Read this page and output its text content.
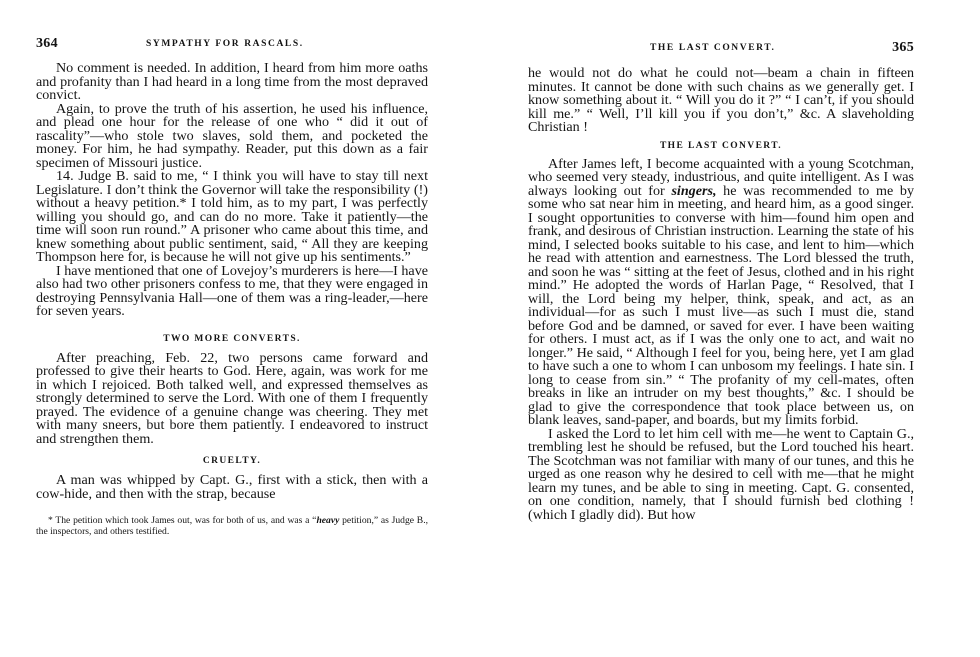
364	SYMPATHY FOR RASCALS.

No comment is needed. In addition, I heard from him more oaths and profanity than I had heard in a long time from the most depraved convict.

Again, to prove the truth of his assertion, he used his influence, and plead one hour for the release of one who “ did it out of rascality”—who stole two slaves, sold them, and pocketed the money. For him, he had sympathy. Reader, put this down as a fair specimen of Missouri justice.

14. Judge B. said to me, “ I think you will have to stay till next Legislature. I don’t think the Governor will take the responsibility (!) without a heavy petition.* I told him, as to my part, I was perfectly willing you should go, and can do no more. Take it patiently—the time will soon run round.” A prisoner who came about this time, and knew something about public sentiment, said, “ All they are keeping Thompson here for, is because he will not give up his sentiments.”

I have mentioned that one of Lovejoy’s murderers is here—I have also had two other prisoners confess to me, that they were engaged in destroying Pennsylvania Hall—one of them was a ring-leader,—here for seven years.

TWO MORE CONVERTS.

After preaching, Feb. 22, two persons came forward and professed to give their hearts to God. Here, again, was work for me in which I rejoiced. Both talked well, and expressed themselves as strongly determined to serve the Lord. With one of them I frequently prayed. The evidence of a genuine change was cheering. They met with many sneers, but bore them patiently. I endeavored to instruct and strengthen them.

CRUELTY.

A man was whipped by Capt. G., first with a stick, then with a cow-hide, and then with the strap, because

* The petition which took James out, was for both of us, and was a “heavy petition,” as Judge B., the inspectors, and others testified.

THE LAST CONVERT.	365

he would not do what he could not—beam a chain in fifteen minutes. It cannot be done with such chains as we generally get. I know something about it. “ Will you do it ?” “ I can’t, if you should kill me.” “ Well, I’ll kill you if you don’t,” &c. A slaveholding Christian !

THE LAST CONVERT.

After James left, I become acquainted with a young Scotchman, who seemed very steady, industrious, and quite intelligent. As I was always looking out for singers, he was recommended to me by some who sat near him in meeting, and heard him, as a good singer. I sought opportunities to converse with him—found him open and frank, and desirous of Christian instruction. Learning the state of his mind, I selected books suitable to his case, and lent to him—which he read with attention and earnestness. The Lord blessed the truth, and soon he was “ sitting at the feet of Jesus, clothed and in his right mind.” He adopted the words of Harlan Page, “ Resolved, that I will, the Lord being my helper, think, speak, and act, as an individual—for as such I must live—as such I must die, stand before God and be damned, or saved for ever. I have been waiting for others. I must act, as if I was the only one to act, and wait no longer.” He said, “ Although I feel for you, being here, yet I am glad to have such a one to whom I can unbosom my feelings. I hate sin. I long to cease from sin.” “ The profanity of my cell-mates, often breaks in like an intruder on my best thoughts,” &c. I should be glad to give the correspondence that took place between us, on blank leaves, sand-paper, and boards, but my limits forbid.

I asked the Lord to let him cell with me—he went to Captain G., trembling lest he should be refused, but the Lord touched his heart. The Scotchman was not familiar with many of our tunes, and this he urged as one reason why he desired to cell with me—that he might learn my tunes, and be able to sing in meeting. Capt. G. consented, on one condition, namely, that I should furnish bed clothing ! (which I gladly did). But how
